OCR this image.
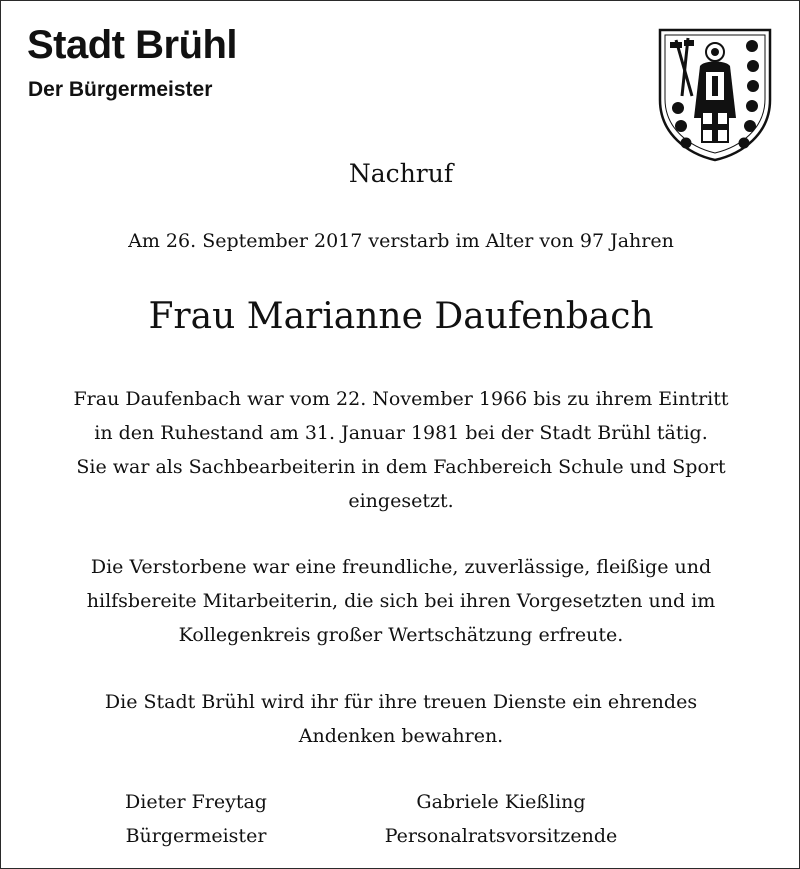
Stadt Brühl
Der Bürgermeister
Nachruf
Am 26. September 2017 verstarb im Alter von 97 Jahren
Frau Marianne Daufenbach
Frau Daufenbach war vom 22. November 1966 bis zu ihrem Eintritt
in den Ruhestand am 31. Januar 1981 bei der Stadt Brühl tätig.
Sie war als Sachbearbeiterin in dem Fachbereich Schule und Sport
eingesetzt.
Die Verstorbene war eine freundliche, zuverlässige, fleißige und
hilfsbereite Mitarbeiterin, die sich bei ihren Vorgesetzten und im
Kollegenkreis großer Wertschätzung erfreute.
Die Stadt Brühl wird ihr für ihre treuen Dienste ein ehrendes
Andenken bewahren.
Dieter Freytag
Bürgermeister
Gabriele Kießling
Personalratsvorsitzende
